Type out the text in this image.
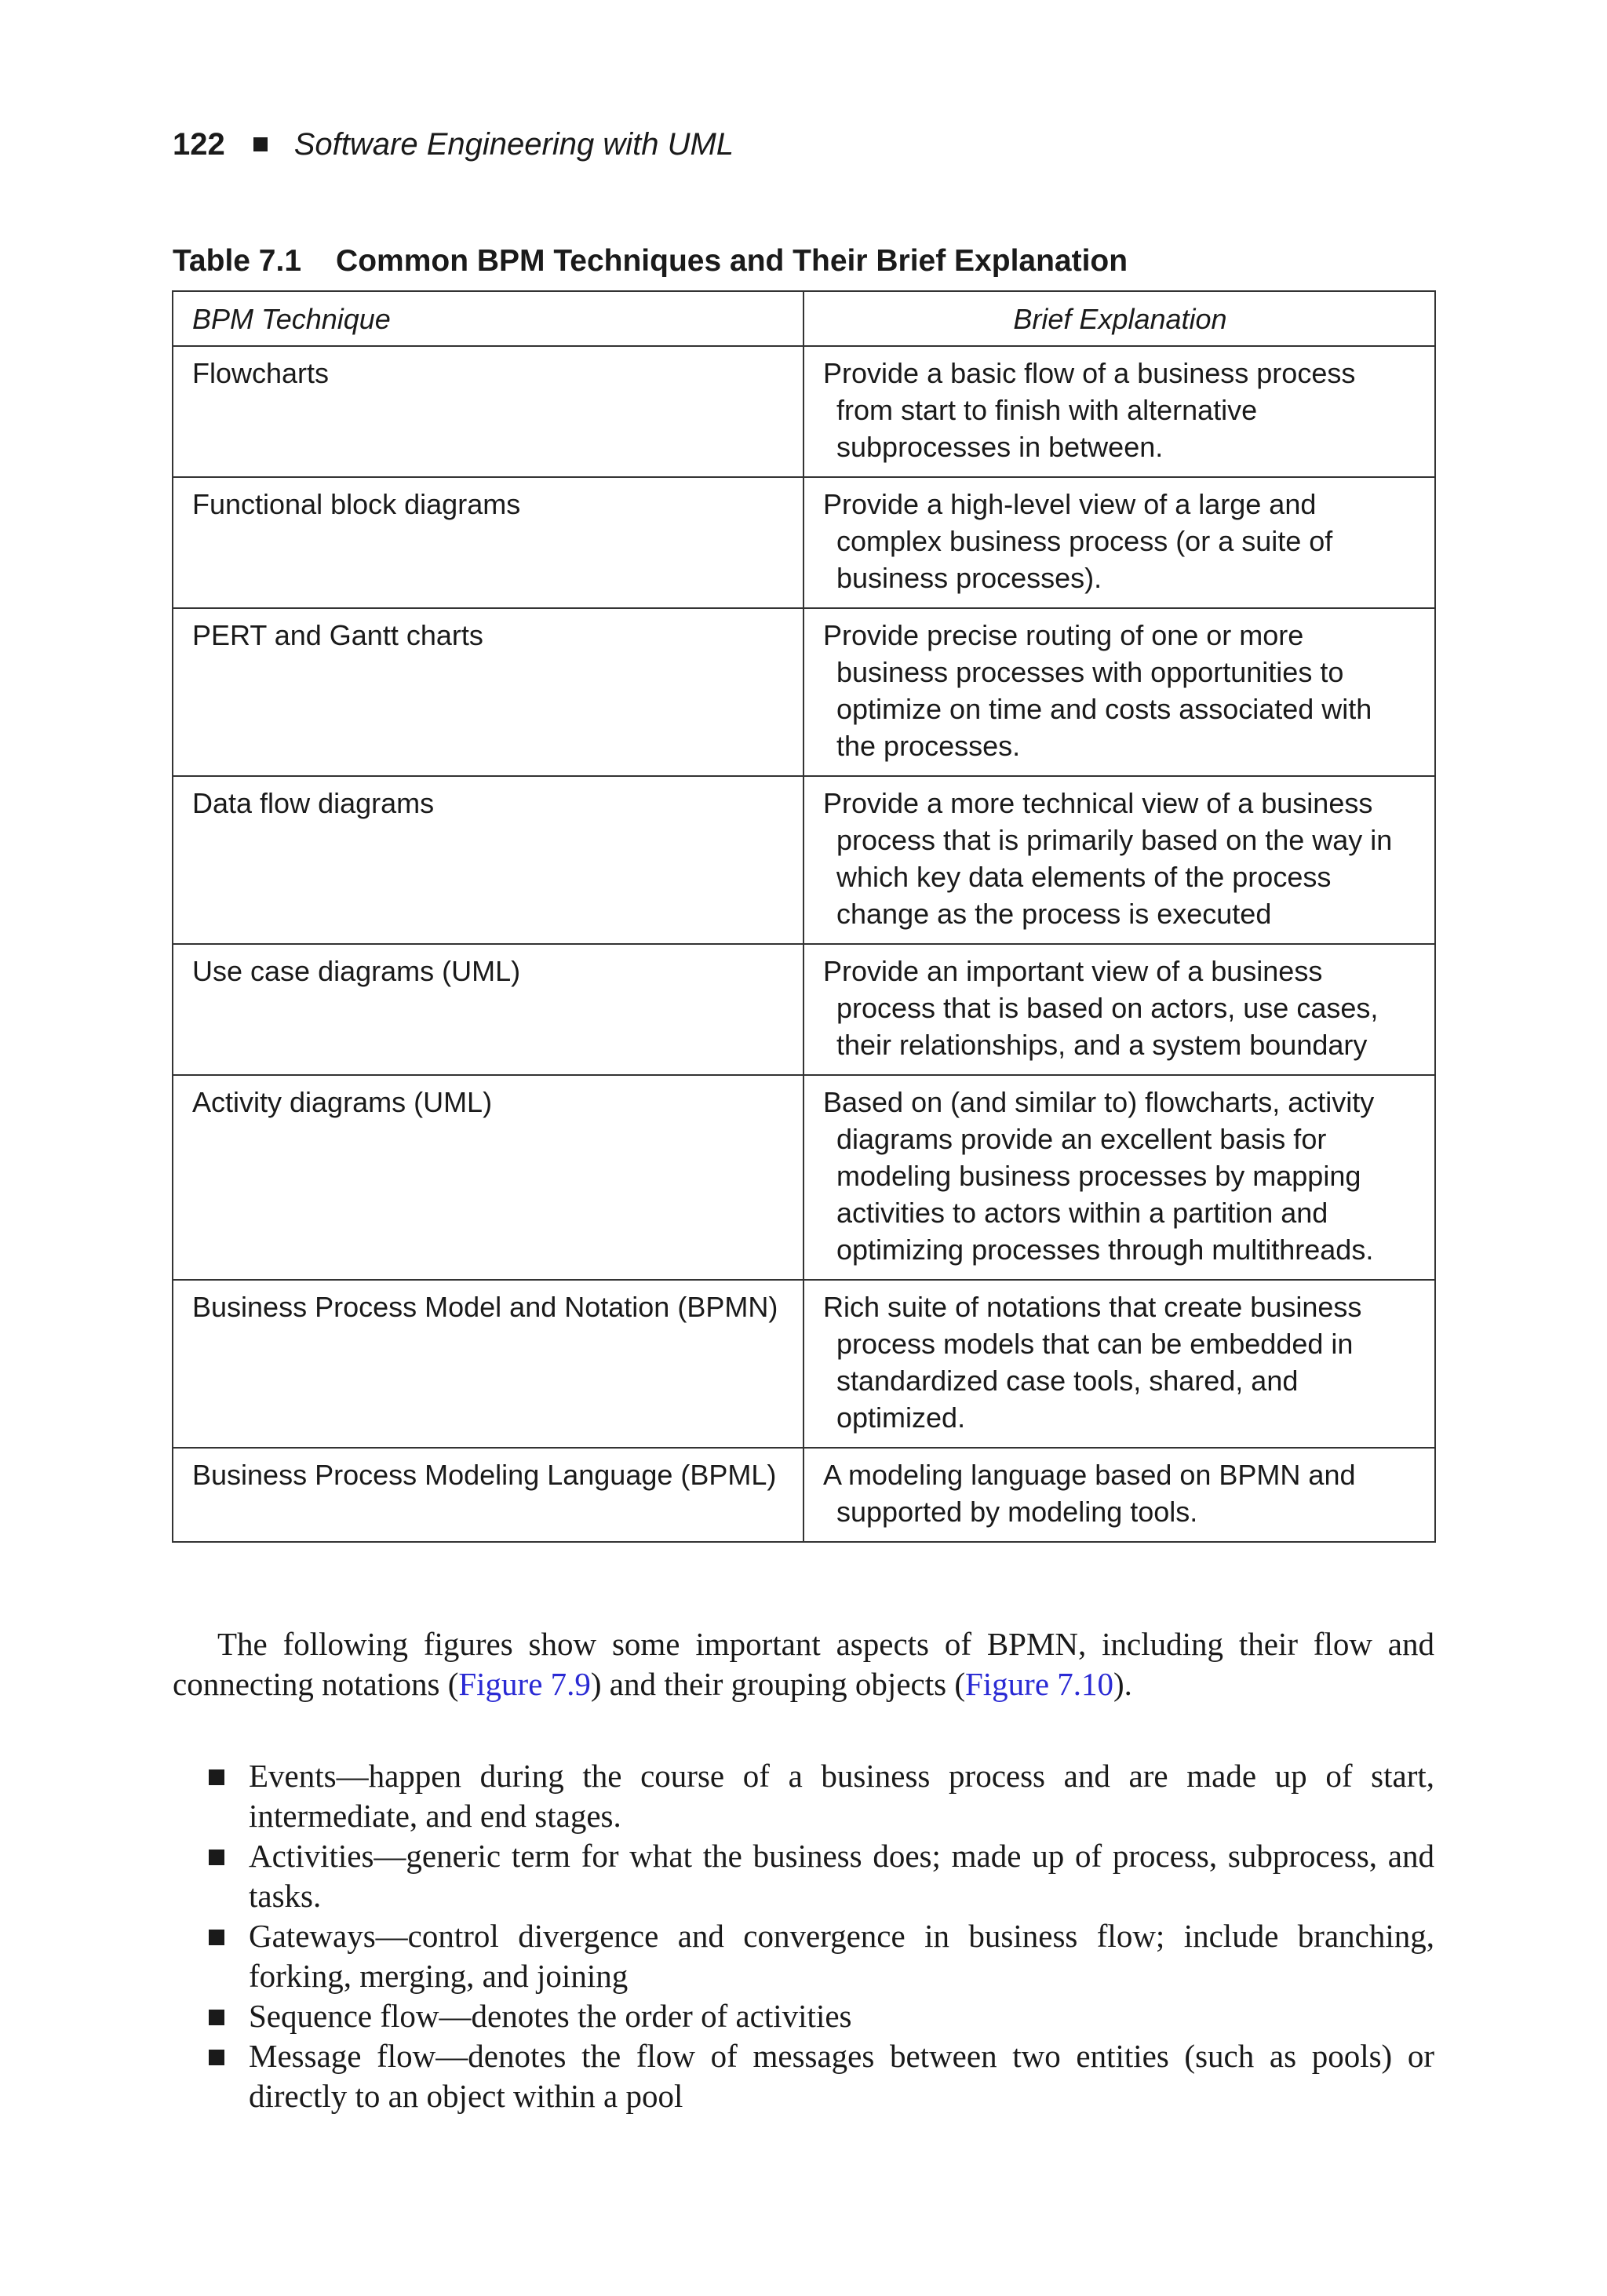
122 Software Engineering with UML
Table 7.1 Common BPM Techniques and Their Brief Explanation
BPM Technique	Brief Explanation

Flowcharts	Provide a basic flow of a business process from start to finish with alternative subprocesses in between.

Functional block diagrams	Provide a high-level view of a large and complex business process (or a suite of business processes).

PERT and Gantt charts	Provide precise routing of one or more business processes with opportunities to optimize on time and costs associated with the processes.

Data flow diagrams	Provide a more technical view of a business process that is primarily based on the way in which key data elements of the process change as the process is executed

Use case diagrams (UML)	Provide an important view of a business process that is based on actors, use cases, their relationships, and a system boundary

Activity diagrams (UML)	Based on (and similar to) flowcharts, activity diagrams provide an excellent basis for modeling business processes by mapping activities to actors within a partition and optimizing processes through multithreads.

Business Process Model and Notation (BPMN)	Rich suite of notations that create business process models that can be embedded in standardized case tools, shared, and optimized.

Business Process Modeling Language (BPML)	A modeling language based on BPMN and supported by modeling tools.

The following figures show some important aspects of BPMN, including their flow and connecting notations (Figure 7.9) and their grouping objects (Figure 7.10).

Events—happen during the course of a business process and are made up of start, intermediate, and end stages.
Activities—generic term for what the business does; made up of process, subprocess, and tasks.
Gateways—control divergence and convergence in business flow; include branching, forking, merging, and joining
Sequence flow—denotes the order of activities
Message flow—denotes the flow of messages between two entities (such as pools) or directly to an object within a pool
